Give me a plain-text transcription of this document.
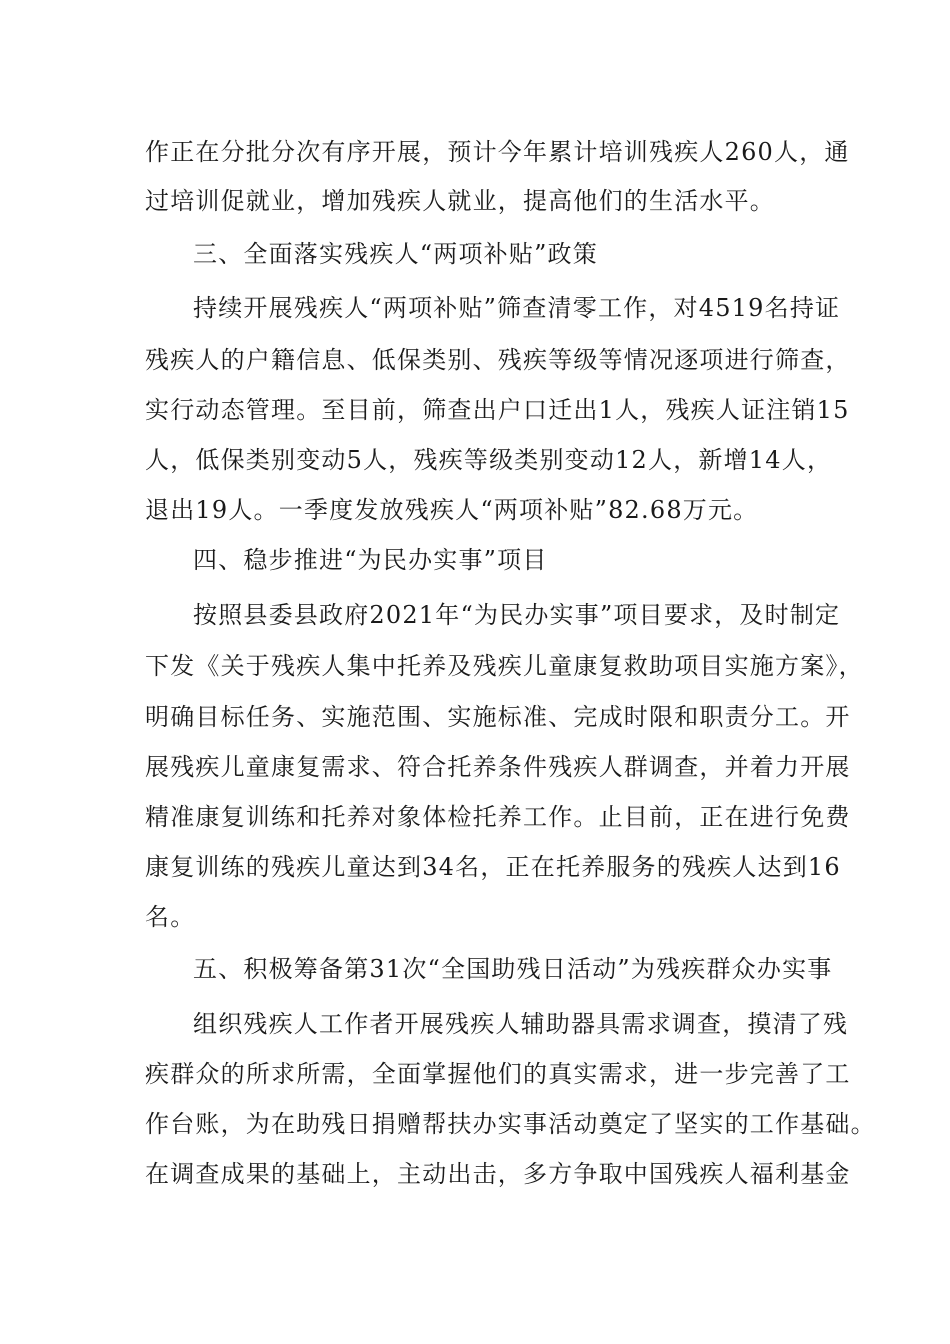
作正在分批分次有序开展，预计今年累计培训残疾人260人，通
过培训促就业，增加残疾人就业，提高他们的生活水平。
三、全面落实残疾人“两项补贴”政策
持续开展残疾人“两项补贴”筛查清零工作，对4519名持证
残疾人的户籍信息、低保类别、残疾等级等情况逐项进行筛查，
实行动态管理。至目前，筛查出户口迁出1人，残疾人证注销15
人，低保类别变动5人，残疾等级类别变动12人，新增14人，
退出19人。一季度发放残疾人“两项补贴”82.68万元。
四、稳步推进“为民办实事”项目
按照县委县政府2021年“为民办实事”项目要求，及时制定
下发《关于残疾人集中托养及残疾儿童康复救助项目实施方案》，
明确目标任务、实施范围、实施标准、完成时限和职责分工。开
展残疾儿童康复需求、符合托养条件残疾人群调查，并着力开展
精准康复训练和托养对象体检托养工作。止目前，正在进行免费
康复训练的残疾儿童达到34名，正在托养服务的残疾人达到16
名。
五、积极筹备第31次“全国助残日活动”为残疾群众办实事
组织残疾人工作者开展残疾人辅助器具需求调查，摸清了残
疾群众的所求所需，全面掌握他们的真实需求，进一步完善了工
作台账，为在助残日捐赠帮扶办实事活动奠定了坚实的工作基础。
在调查成果的基础上，主动出击，多方争取中国残疾人福利基金
